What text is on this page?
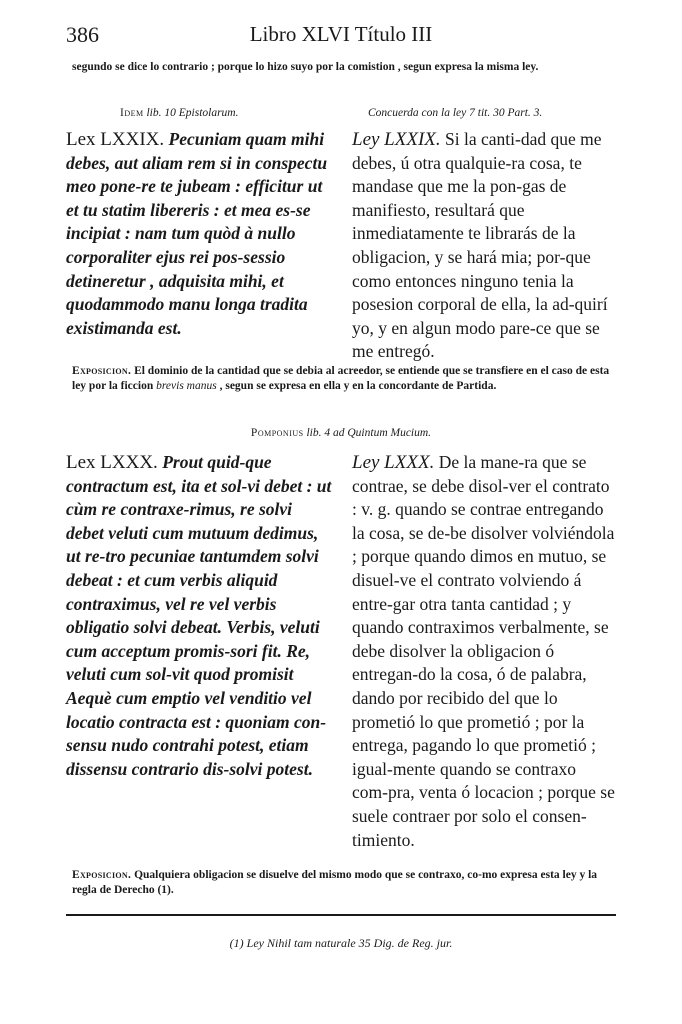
386	Libro XLVI Título III
segundo se dice lo contrario ; porque lo hizo suyo por la comistion , segun expresa la misma ley.
Idem lib. 10 Epistolarum.	Concuerda con la ley 7 tit. 30 Part. 3.

Lex LXXIX. Pecuniam quam mihi debes, aut aliam rem si in conspectu meo pone-re te jubeam : efficitur ut et tu statim libereris : et mea es-se incipiat : nam tum quòd à nullo corporaliter ejus rei pos-sessio detineretur , adquisita mihi, et quodammodo manu longa tradita existimanda est.

Ley LXXIX. Si la canti-dad que me debes, ú otra qualquie-ra cosa, te mandase que me la pon-gas de manifiesto, resultará que inmediatamente te librarás de la obligacion, y se hará mia; por-que como entonces ninguno tenia la posesion corporal de ella, la ad-quirí yo, y en algun modo pare-ce que se me entregó.

Exposicion. El dominio de la cantidad que se debia al acreedor, se entiende que se transfiere en el caso de esta ley por la ficcion brevis manus , segun se expresa en ella y en la concordante de Partida.
Pomponius lib. 4 ad Quintum Mucium.

Lex LXXX. Prout quid-que contractum est, ita et sol-vi debet : ut cùm re contraxe-rimus, re solvi debet veluti cum mutuum dedimus, ut re-tro pecuniae tantumdem solvi debeat : et cum verbis aliquid contraximus, vel re vel verbis obligatio solvi debeat. Verbis, veluti cum acceptum promis-sori fit. Re, veluti cum sol-vit quod promisit Aequè cum emptio vel venditio vel locatio contracta est : quoniam con-sensu nudo contrahi potest, etiam dissensu contrario dis-solvi potest.

Ley LXXX. De la mane-ra que se contrae, se debe disol-ver el contrato : v. g. quando se contrae entregando la cosa, se de-be disolver volviéndola ; porque quando dimos en mutuo, se disuel-ve el contrato volviendo á entre-gar otra tanta cantidad ; y quando contraximos verbalmente, se debe disolver la obligacion ó entregan-do la cosa, ó de palabra, dando por recibido del que lo prometió lo que prometió ; por la entrega, pagando lo que prometió ; igual-mente quando se contraxo com-pra, venta ó locacion ; porque se suele contraer por solo el consen-timiento.

Exposicion. Qualquiera obligacion se disuelve del mismo modo que se contraxo, co-mo expresa esta ley y la regla de Derecho (1).
(1) Ley Nihil tam naturale 35 Dig. de Reg. jur.
